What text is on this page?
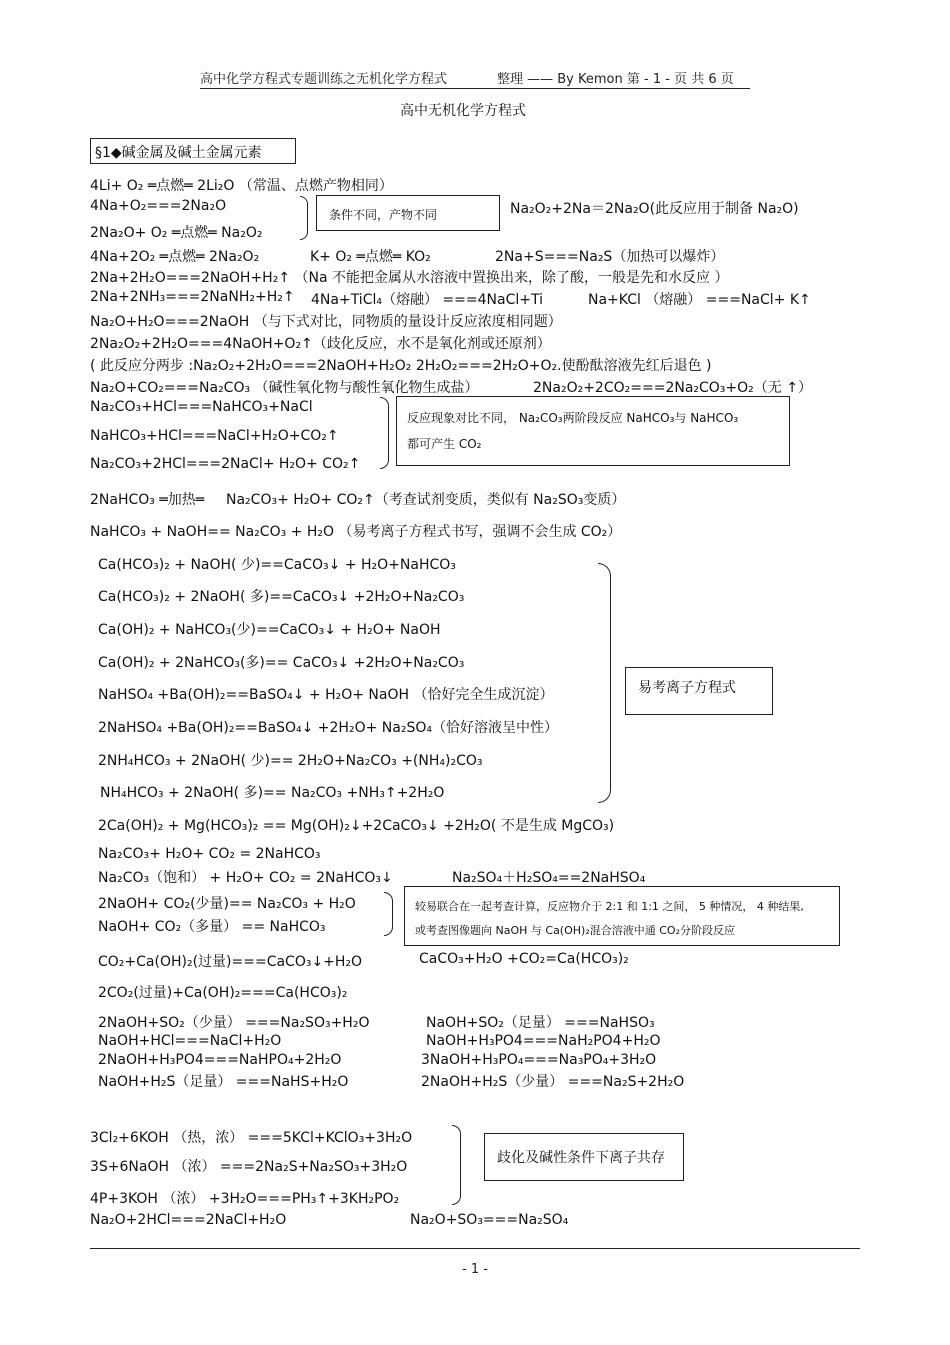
高中化学方程式专题训练之无机化学方程式	整理 —— By Kemon 第 - 1 - 页 共 6 页
高中无机化学方程式
§1◆碱金属及碱土金属元素
4Li+ O₂ ═点燃═ 2Li₂O （常温、点燃产物相同）
4Na+O₂===2Na₂O	Na₂O₂+2Na＝2Na₂O(此反应用于制备 Na₂O)
2Na₂O+ O₂ ═点燃═ Na₂O₂
条件不同，产物不同
4Na+2O₂ ═点燃═ 2Na₂O₂	K+ O₂ ═点燃═ KO₂	2Na+S===Na₂S（加热可以爆炸）
2Na+2H₂O===2NaOH+H₂↑ （Na 不能把金属从水溶液中置换出来，除了酸，一般是先和水反应 ）
2Na+2NH₃===2NaNH₂+H₂↑ 4Na+TiCl₄（熔融） ===4NaCl+Ti	Na+KCl （熔融） ===NaCl+ K↑
Na₂O+H₂O===2NaOH （与下式对比，同物质的量设计反应浓度相同题）
2Na₂O₂+2H₂O===4NaOH+O₂↑（歧化反应，水不是氧化剂或还原剂）
( 此反应分两步 :Na₂O₂+2H₂O===2NaOH+H₂O₂ 2H₂O₂===2H₂O+O₂.使酚酞溶液先红后退色 )
Na₂O+CO₂===Na₂CO₃ （碱性氧化物与酸性氧化物生成盐）	2Na₂O₂+2CO₂===2Na₂CO₃+O₂（无 ↑）
Na₂CO₃+HCl===NaHCO₃+NaCl
NaHCO₃+HCl===NaCl+H₂O+CO₂↑
Na₂CO₃+2HCl===2NaCl+ H₂O+ CO₂↑
反应现象对比不同， Na₂CO₃两阶段反应 NaHCO₃与 NaHCO₃
都可产生 CO₂
2NaHCO₃ ═加热═ Na₂CO₃+ H₂O+ CO₂↑（考查试剂变质，类似有 Na₂SO₃变质）
NaHCO₃ + NaOH== Na₂CO₃ + H₂O （易考离子方程式书写，强调不会生成 CO₂）
Ca(HCO₃)₂ + NaOH( 少)==CaCO₃↓ + H₂O+NaHCO₃
Ca(HCO₃)₂ + 2NaOH( 多)==CaCO₃↓ +2H₂O+Na₂CO₃
Ca(OH)₂ + NaHCO₃(少)==CaCO₃↓ + H₂O+ NaOH
Ca(OH)₂ + 2NaHCO₃(多)== CaCO₃↓ +2H₂O+Na₂CO₃
NaHSO₄ +Ba(OH)₂==BaSO₄↓ + H₂O+ NaOH （恰好完全生成沉淀）
2NaHSO₄ +Ba(OH)₂==BaSO₄↓ +2H₂O+ Na₂SO₄（恰好溶液呈中性）
2NH₄HCO₃ + 2NaOH( 少)== 2H₂O+Na₂CO₃ +(NH₄)₂CO₃
NH₄HCO₃ + 2NaOH( 多)== Na₂CO₃ +NH₃↑+2H₂O
易考离子方程式
2Ca(OH)₂ + Mg(HCO₃)₂ == Mg(OH)₂↓+2CaCO₃↓ +2H₂O( 不是生成 MgCO₃)
Na₂CO₃+ H₂O+ CO₂ = 2NaHCO₃
Na₂CO₃（饱和） + H₂O+ CO₂ = 2NaHCO₃↓	Na₂SO₄＋H₂SO₄==2NaHSO₄
2NaOH+ CO₂(少量)== Na₂CO₃ + H₂O
NaOH+ CO₂（多量） == NaHCO₃
较易联合在一起考查计算，反应物介于 2:1 和 1:1 之间， 5 种情况， 4 种结果,
或考查图像题向 NaOH 与 Ca(OH)₂混合溶液中通 CO₂分阶段反应
CO₂+Ca(OH)₂(过量)===CaCO₃↓+H₂O	CaCO₃+H₂O +CO₂=Ca(HCO₃)₂
2CO₂(过量)+Ca(OH)₂===Ca(HCO₃)₂
2NaOH+SO₂（少量） ===Na₂SO₃+H₂O	NaOH+SO₂（足量） ===NaHSO₃
NaOH+HCl===NaCl+H₂O	NaOH+H₃PO4===NaH₂PO4+H₂O
2NaOH+H₃PO4===NaHPO₄+2H₂O	3NaOH+H₃PO₄===Na₃PO₄+3H₂O
NaOH+H₂S（足量） ===NaHS+H₂O	2NaOH+H₂S（少量） ===Na₂S+2H₂O
3Cl₂+6KOH （热，浓） ===5KCl+KClO₃+3H₂O
3S+6NaOH （浓） ===2Na₂S+Na₂SO₃+3H₂O
4P+3KOH （浓） +3H₂O===PH₃↑+3KH₂PO₂
歧化及碱性条件下离子共存
Na₂O+2HCl===2NaCl+H₂O	Na₂O+SO₃===Na₂SO₄
- 1 -
